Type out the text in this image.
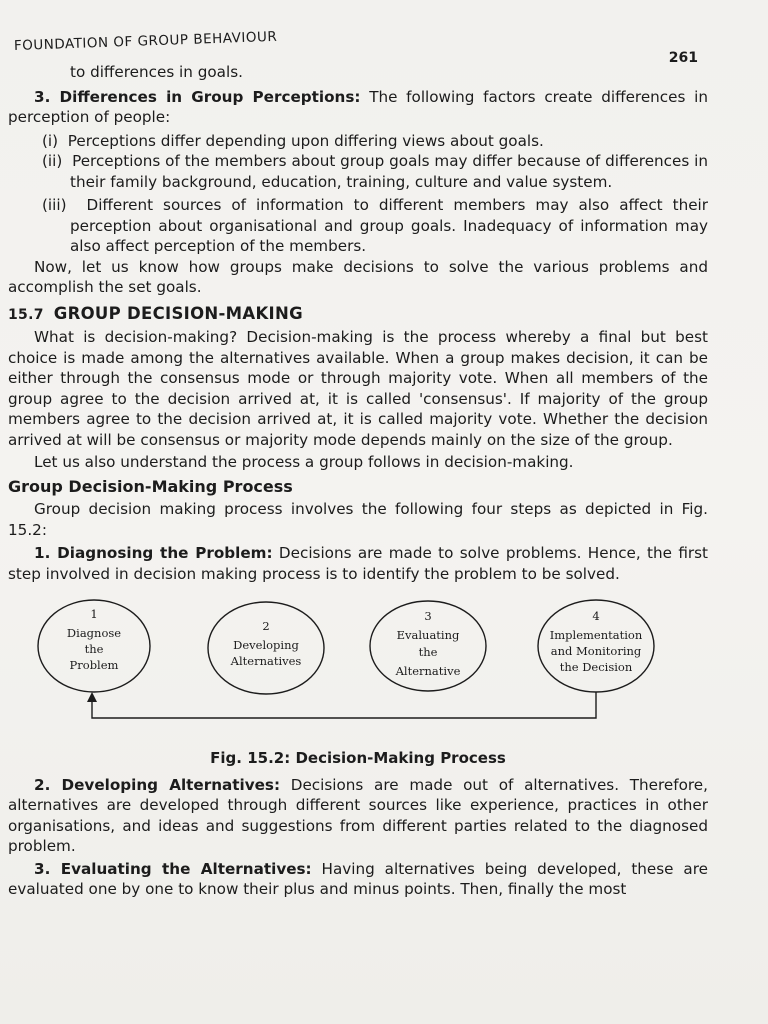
FOUNDATION OF GROUP BEHAVIOUR
261

to differences in goals.

3. Differences in Group Perceptions: The following factors create differences in perception of people:

(i) Perceptions differ depending upon differing views about goals.

(ii) Perceptions of the members about group goals may differ because of differences in their family background, education, training, culture and value system.

(iii) Different sources of information to different members may also affect their perception about organisational and group goals. Inadequacy of information may also affect perception of the members.

Now, let us know how groups make decisions to solve the various problems and accomplish the set goals.

15.7 GROUP DECISION-MAKING

What is decision-making? Decision-making is the process whereby a final but best choice is made among the alternatives available. When a group makes decision, it can be either through the consensus mode or through majority vote. When all members of the group agree to the decision arrived at, it is called 'consensus'. If majority of the group members agree to the decision arrived at, it is called majority vote. Whether the decision arrived at will be consensus or majority mode depends mainly on the size of the group.

Let us also understand the process a group follows in decision-making.

Group Decision-Making Process

Group decision making process involves the following four steps as depicted in Fig. 15.2:

1. Diagnosing the Problem: Decisions are made to solve problems. Hence, the first step involved in decision making process is to identify the problem to be solved.

1
Diagnose
the
Problem
2
Developing
Alternatives
3
Evaluating
the
Alternative
4
Implementation
and Monitoring
the Decision

Fig. 15.2: Decision-Making Process

2. Developing Alternatives: Decisions are made out of alternatives. Therefore, alternatives are developed through different sources like experience, practices in other organisations, and ideas and suggestions from different parties related to the diagnosed problem.

3. Evaluating the Alternatives: Having alternatives being developed, these are evaluated one by one to know their plus and minus points. Then, finally the most
